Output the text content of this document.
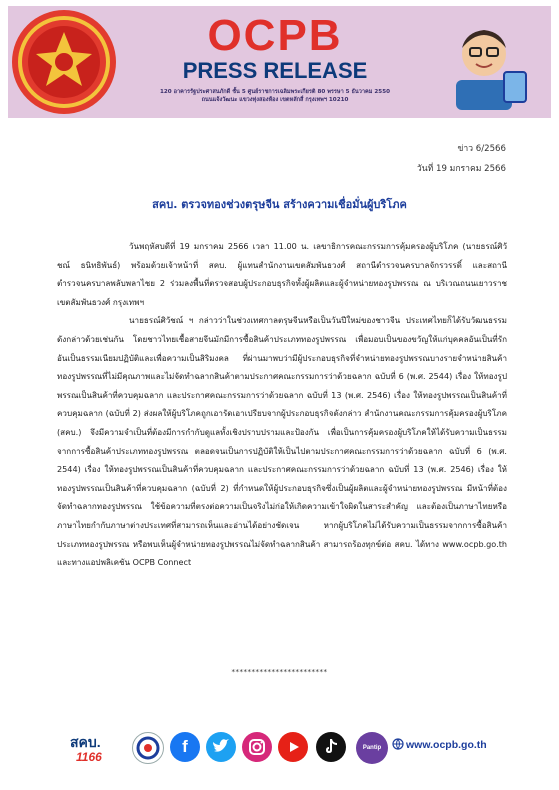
OCPB
PRESS RELEASE
120 อาคารรัฐประศาสนภักดี ชั้น 5 ศูนย์ราชการเฉลิมพระเกียรติ 80 พรรษา 5 ธันวาคม 2550
ถนนแจ้งวัฒนะ แขวงทุ่งสองห้อง เขตหลักสี่ กรุงเทพฯ 10210
ข่าว 6/2566
วันที่ 19 มกราคม 2566
สคบ. ตรวจทองช่วงตรุษจีน สร้างความเชื่อมั่นผู้บริโภค

วันพฤหัสบดีที่ 19 มกราคม 2566 เวลา 11.00 น. เลขาธิการคณะกรรมการคุ้มครองผู้บริโภค (นายธรณ์ศิวัชณ์ ธนิทธิพันธ์) พร้อมด้วยเจ้าหน้าที่ สคบ. ผู้แทนสำนักงานเขตสัมพันธวงศ์ สถานีตำรวจนครบาลจักรวรรดิ์ และสถานีตำรวจนครบาลพลับพลาไชย 2 ร่วมลงพื้นที่ตรวจสอบผู้ประกอบธุรกิจทั้งผู้ผลิตและผู้จำหน่ายทองรูปพรรณ ณ บริเวณถนนเยาวราช เขตสัมพันธวงศ์ กรุงเทพฯ

นายธรณ์ศิวัชณ์ ฯ กล่าวว่าในช่วงเทศกาลตรุษจีนหรือเป็นวันปีใหม่ของชาวจีน ประเทศไทยก็ได้รับวัฒนธรรมดังกล่าวด้วยเช่นกัน โดยชาวไทยเชื้อสายจีนมักมีการซื้อสินค้าประเภททองรูปพรรณ เพื่อมอบเป็นของขวัญให้แก่บุคคลอันเป็นที่รัก อันเป็นธรรมเนียมปฏิบัติและเพื่อความเป็นสิริมงคล ที่ผ่านมาพบว่ามีผู้ประกอบธุรกิจที่จำหน่ายทองรูปพรรณบางรายจำหน่ายสินค้าทองรูปพรรณที่ไม่มีคุณภาพและไม่จัดทำฉลากสินค้าตามประกาศคณะกรรมการว่าด้วยฉลาก ฉบับที่ 6 (พ.ศ. 2544) เรื่อง ให้ทองรูปพรรณเป็นสินค้าที่ควบคุมฉลาก และประกาศคณะกรรมการว่าด้วยฉลาก ฉบับที่ 13 (พ.ศ. 2546) เรื่อง ให้ทองรูปพรรณเป็นสินค้าที่ควบคุมฉลาก (ฉบับที่ 2) ส่งผลให้ผู้บริโภคถูกเอารัดเอาเปรียบจากผู้ประกอบธุรกิจดังกล่าว สำนักงานคณะกรรมการคุ้มครองผู้บริโภค (สคบ.) จึงมีความจำเป็นที่ต้องมีการกำกับดูแลทั้งเชิงปราบปรามและป้องกัน เพื่อเป็นการคุ้มครองผู้บริโภคให้ได้รับความเป็นธรรมจากการซื้อสินค้าประเภททองรูปพรรณ ตลอดจนเป็นการปฏิบัติให้เป็นไปตามประกาศคณะกรรมการว่าด้วยฉลาก ฉบับที่ 6 (พ.ศ. 2544) เรื่อง ให้ทองรูปพรรณเป็นสินค้าที่ควบคุมฉลาก และประกาศคณะกรรมการว่าด้วยฉลาก ฉบับที่ 13 (พ.ศ. 2546) เรื่อง ให้ทองรูปพรรณเป็นสินค้าที่ควบคุมฉลาก (ฉบับที่ 2) ที่กำหนดให้ผู้ประกอบธุรกิจซึ่งเป็นผู้ผลิตและผู้จำหน่ายทองรูปพรรณ มีหน้าที่ต้องจัดทำฉลากทองรูปพรรณ ใช้ข้อความที่ตรงต่อความเป็นจริงไม่ก่อให้เกิดความเข้าใจผิดในสาระสำคัญ และต้องเป็นภาษาไทยหรือภาษาไทยกำกับภาษาต่างประเทศที่สามารถเห็นและอ่านได้อย่างชัดเจน หากผู้บริโภคไม่ได้รับความเป็นธรรมจากการซื้อสินค้าประเภททองรูปพรรณ หรือพบเห็นผู้จำหน่ายทองรูปพรรณไม่จัดทำฉลากสินค้า สามารถร้องทุกข์ต่อ สคบ. ได้ทาง www.ocpb.go.th และทางแอปพลิเคชัน OCPB Connect

************************
สคบ.
1166
f	Pantip	www.ocpb.go.th
